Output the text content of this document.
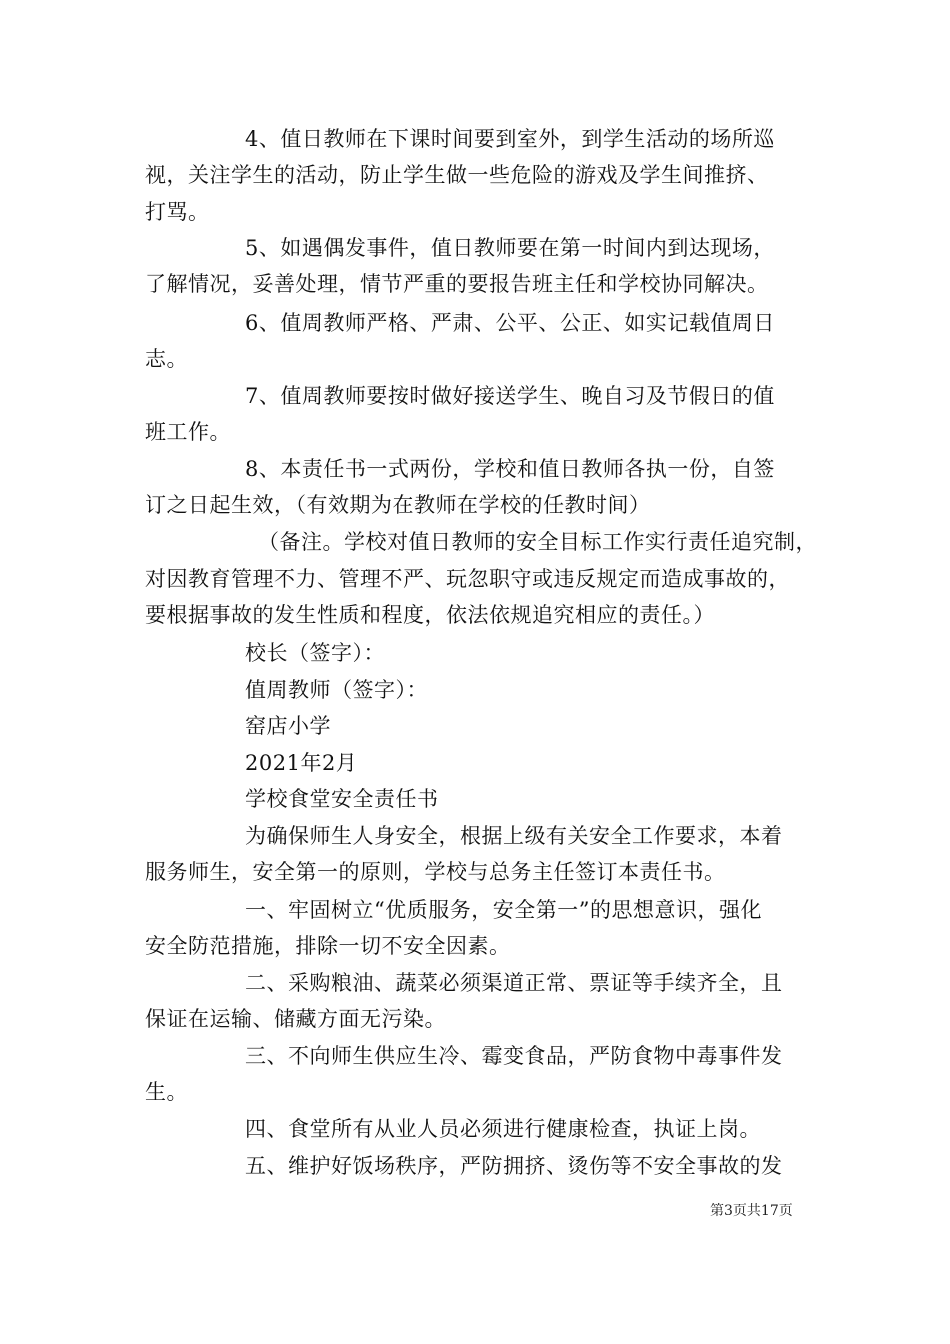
4、值日教师在下课时间要到室外，到学生活动的场所巡
视，关注学生的活动，防止学生做一些危险的游戏及学生间推挤、
打骂。
5、如遇偶发事件，值日教师要在第一时间内到达现场，
了解情况，妥善处理，情节严重的要报告班主任和学校协同解决。
6、值周教师严格、严肃、公平、公正、如实记载值周日
志。
7、值周教师要按时做好接送学生、晚自习及节假日的值
班工作。
8、本责任书一式两份，学校和值日教师各执一份，自签
订之日起生效，（有效期为在教师在学校的任教时间）
（备注。学校对值日教师的安全目标工作实行责任追究制，
对因教育管理不力、管理不严、玩忽职守或违反规定而造成事故的，
要根据事故的发生性质和程度，依法依规追究相应的责任。）
校长（签字）：
值周教师（签字）：
窑店小学
2021年2月
学校食堂安全责任书
为确保师生人身安全，根据上级有关安全工作要求，本着
服务师生，安全第一的原则，学校与总务主任签订本责任书。
一、牢固树立“优质服务，安全第一”的思想意识，强化
安全防范措施，排除一切不安全因素。
二、采购粮油、蔬菜必须渠道正常、票证等手续齐全，且
保证在运输、储藏方面无污染。
三、不向师生供应生冷、霉变食品，严防食物中毒事件发
生。
四、食堂所有从业人员必须进行健康检查，执证上岗。
五、维护好饭场秩序，严防拥挤、烫伤等不安全事故的发
第3页共17页
